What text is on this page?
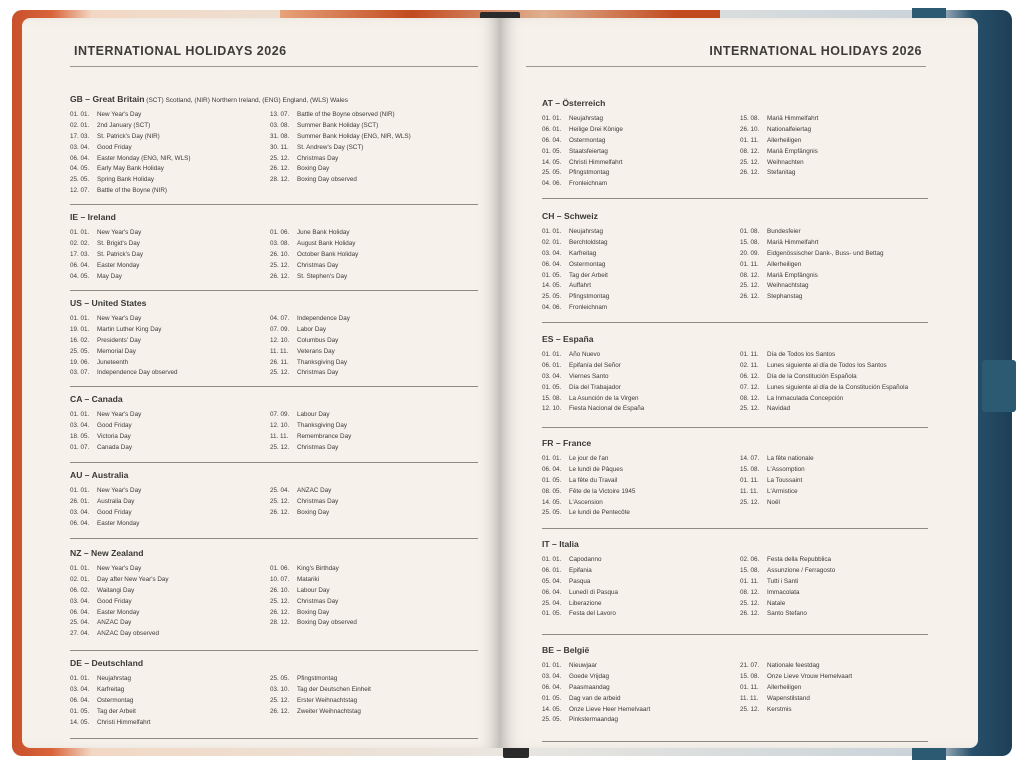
INTERNATIONAL HOLIDAYS 2026
GB – Great Britain (SCT) Scotland, (NIR) Northern Ireland, (ENG) England, (WLS) Wales
01. 01. New Year's Day
02. 01. 2nd January (SCT)
17. 03. St. Patrick's Day (NIR)
03. 04. Good Friday
06. 04. Easter Monday (ENG, NIR, WLS)
04. 05. Early May Bank Holiday
25. 05. Spring Bank Holiday
12. 07. Battle of the Boyne (NIR)
13. 07. Battle of the Boyne observed (NIR)
03. 08. Summer Bank Holiday (SCT)
31. 08. Summer Bank Holiday (ENG, NIR, WLS)
30. 11. St. Andrew's Day (SCT)
25. 12. Christmas Day
26. 12. Boxing Day
28. 12. Boxing Day observed
IE – Ireland
01. 01. New Year's Day
02. 02. St. Brigid's Day
17. 03. St. Patrick's Day
06. 04. Easter Monday
04. 05. May Day
01. 06. June Bank Holiday
03. 08. August Bank Holiday
26. 10. October Bank Holiday
25. 12. Christmas Day
26. 12. St. Stephen's Day
US – United States
01. 01. New Year's Day
19. 01. Martin Luther King Day
16. 02. Presidents' Day
25. 05. Memorial Day
19. 06. Juneteenth
03. 07. Independence Day observed
04. 07. Independence Day
07. 09. Labor Day
12. 10. Columbus Day
11. 11. Veterans Day
26. 11. Thanksgiving Day
25. 12. Christmas Day
CA – Canada
01. 01. New Year's Day
03. 04. Good Friday
18. 05. Victoria Day
01. 07. Canada Day
07. 09. Labour Day
12. 10. Thanksgiving Day
11. 11. Remembrance Day
25. 12. Christmas Day
AU – Australia
01. 01. New Year's Day
26. 01. Australia Day
03. 04. Good Friday
06. 04. Easter Monday
25. 04. ANZAC Day
25. 12. Christmas Day
26. 12. Boxing Day
NZ – New Zealand
01. 01. New Year's Day
02. 01. Day after New Year's Day
06. 02. Waitangi Day
03. 04. Good Friday
06. 04. Easter Monday
25. 04. ANZAC Day
27. 04. ANZAC Day observed
01. 06. King's Birthday
10. 07. Matariki
26. 10. Labour Day
25. 12. Christmas Day
26. 12. Boxing Day
28. 12. Boxing Day observed
DE – Deutschland
01. 01. Neujahrstag
03. 04. Karfreitag
06. 04. Ostermontag
01. 05. Tag der Arbeit
14. 05. Christi Himmelfahrt
25. 05. Pfingstmontag
03. 10. Tag der Deutschen Einheit
25. 12. Erster Weihnachtstag
26. 12. Zweiter Weihnachtstag
INTERNATIONAL HOLIDAYS 2026
AT – Österreich
01. 01. Neujahrstag
06. 01. Heilige Drei Könige
06. 04. Ostermontag
01. 05. Staatsfeiertag
14. 05. Christi Himmelfahrt
25. 05. Pfingstmontag
04. 06. Fronleichnam
15. 08. Mariä Himmelfahrt
26. 10. Nationalfeiertag
01. 11. Allerheiligen
08. 12. Mariä Empfängnis
25. 12. Weihnachten
26. 12. Stefanitag
CH – Schweiz
01. 01. Neujahrstag
02. 01. Berchtoldstag
03. 04. Karfreitag
06. 04. Ostermontag
01. 05. Tag der Arbeit
14. 05. Auffahrt
25. 05. Pfingstmontag
04. 06. Fronleichnam
01. 08. Bundesfeier
15. 08. Mariä Himmelfahrt
20. 09. Eidgenössischer Dank-, Buss- und Bettag
01. 11. Allerheiligen
08. 12. Mariä Empfängnis
25. 12. Weihnachtstag
26. 12. Stephanstag
ES – España
01. 01. Año Nuevo
06. 01. Epifanía del Señor
03. 04. Viernes Santo
01. 05. Día del Trabajador
15. 08. La Asunción de la Virgen
12. 10. Fiesta Nacional de España
01. 11. Día de Todos los Santos
02. 11. Lunes siguiente al día de Todos los Santos
06. 12. Día de la Constitución Española
07. 12. Lunes siguiente al día de la Constitución Española
08. 12. La Inmaculada Concepción
25. 12. Navidad
FR – France
01. 01. Le jour de l'an
06. 04. Le lundi de Pâques
01. 05. La fête du Travail
08. 05. Fête de la Victoire 1945
14. 05. L'Ascension
25. 05. Le lundi de Pentecôte
14. 07. La fête nationale
15. 08. L'Assomption
01. 11. La Toussaint
11. 11. L'Armistice
25. 12. Noël
IT – Italia
01. 01. Capodanno
06. 01. Epifania
05. 04. Pasqua
06. 04. Lunedì di Pasqua
25. 04. Liberazione
01. 05. Festa del Lavoro
02. 06. Festa della Repubblica
15. 08. Assunzione / Ferragosto
01. 11. Tutti i Santi
08. 12. Immacolata
25. 12. Natale
26. 12. Santo Stefano
BE – België
01. 01. Nieuwjaar
03. 04. Goede Vrijdag
06. 04. Paasmaandag
01. 05. Dag van de arbeid
14. 05. Onze Lieve Heer Hemelvaart
25. 05. Pinkstermaandag
21. 07. Nationale feestdag
15. 08. Onze Lieve Vrouw Hemelvaart
01. 11. Allerheiligen
11. 11. Wapenstilstand
25. 12. Kerstmis
